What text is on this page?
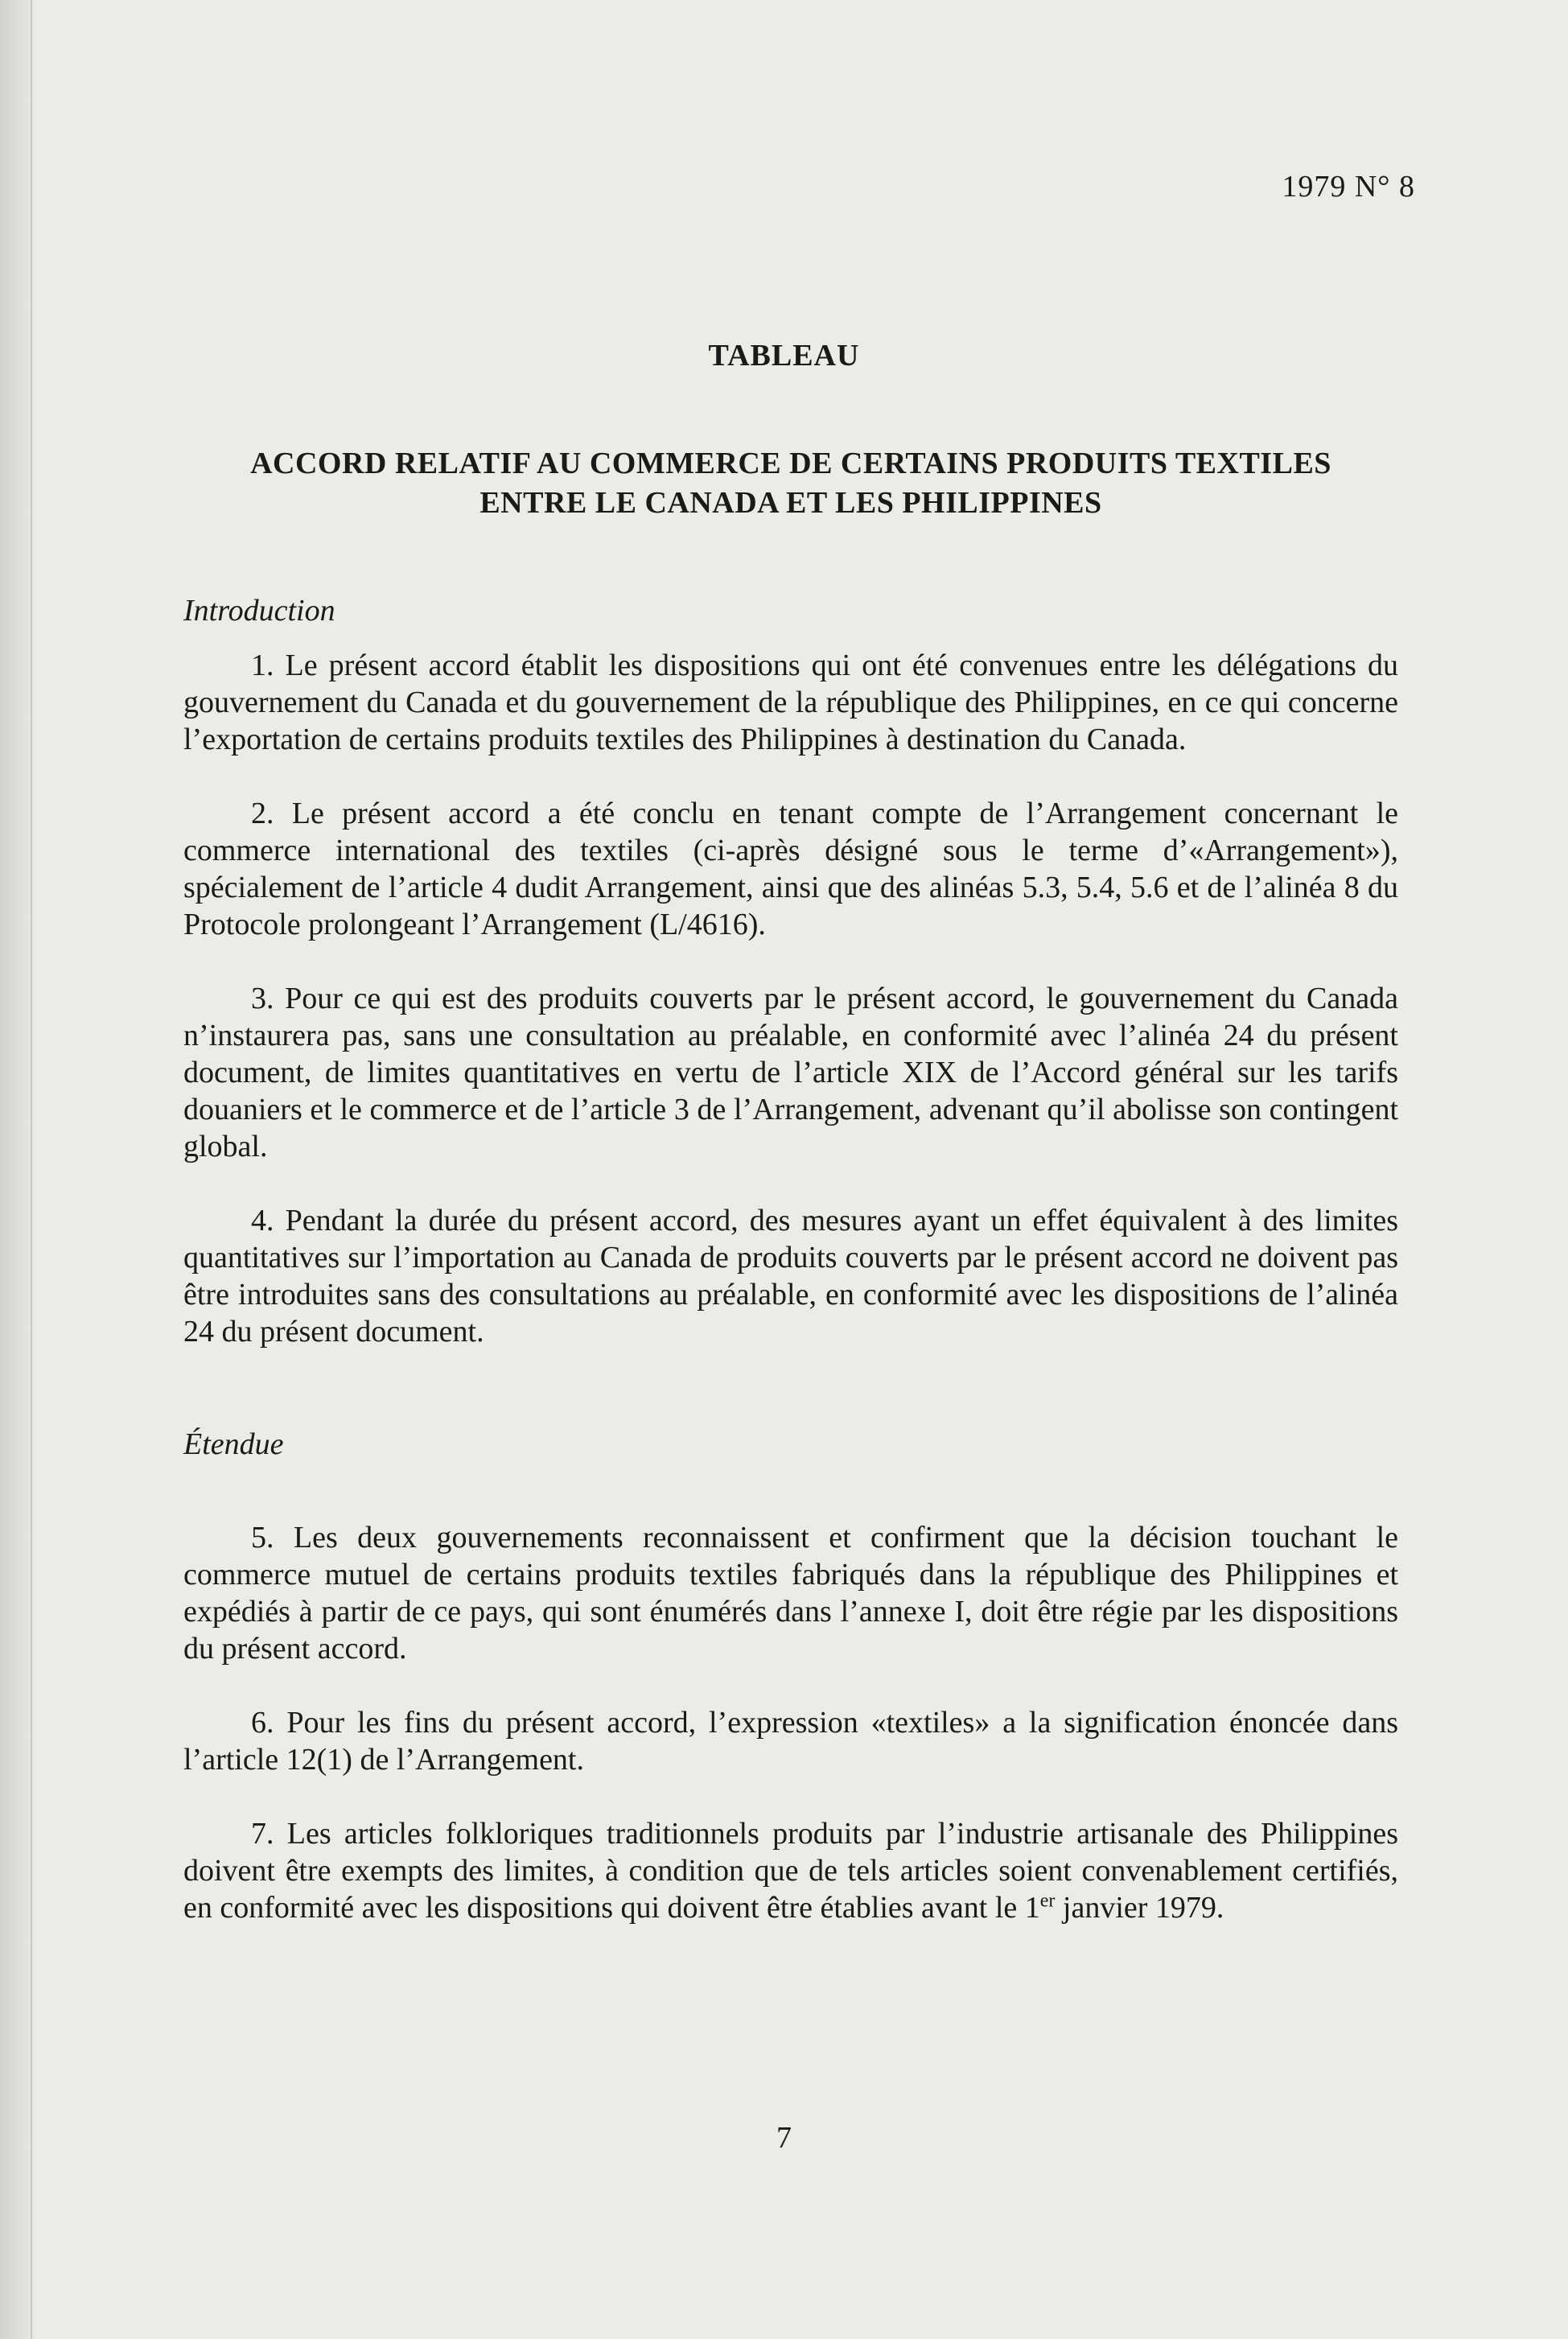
1979 N° 8
TABLEAU
ACCORD RELATIF AU COMMERCE DE CERTAINS PRODUITS TEXTILES
ENTRE LE CANADA ET LES PHILIPPINES

Introduction

1. Le présent accord établit les dispositions qui ont été convenues entre les délégations du gouvernement du Canada et du gouvernement de la république des Philippines, en ce qui concerne l’exportation de certains produits textiles des Philippines à destination du Canada.

2. Le présent accord a été conclu en tenant compte de l’Arrangement concernant le commerce international des textiles (ci-après désigné sous le terme d’«Arrangement»), spécialement de l’article 4 dudit Arrangement, ainsi que des alinéas 5.3, 5.4, 5.6 et de l’alinéa 8 du Protocole prolongeant l’Arrangement (L/4616).

3. Pour ce qui est des produits couverts par le présent accord, le gouvernement du Canada n’instaurera pas, sans une consultation au préalable, en conformité avec l’alinéa 24 du présent document, de limites quantitatives en vertu de l’article XIX de l’Accord général sur les tarifs douaniers et le commerce et de l’article 3 de l’Arrangement, advenant qu’il abolisse son contingent global.

4. Pendant la durée du présent accord, des mesures ayant un effet équivalent à des limites quantitatives sur l’importation au Canada de produits couverts par le présent accord ne doivent pas être introduites sans des consultations au préalable, en conformité avec les dispositions de l’alinéa 24 du présent document.

Étendue

5. Les deux gouvernements reconnaissent et confirment que la décision touchant le commerce mutuel de certains produits textiles fabriqués dans la république des Philippines et expédiés à partir de ce pays, qui sont énumérés dans l’annexe I, doit être régie par les dispositions du présent accord.

6. Pour les fins du présent accord, l’expression «textiles» a la signification énoncée dans l’article 12(1) de l’Arrangement.

7. Les articles folkloriques traditionnels produits par l’industrie artisanale des Philippines doivent être exempts des limites, à condition que de tels articles soient convenablement certifiés, en conformité avec les dispositions qui doivent être établies avant le 1er janvier 1979.

7
